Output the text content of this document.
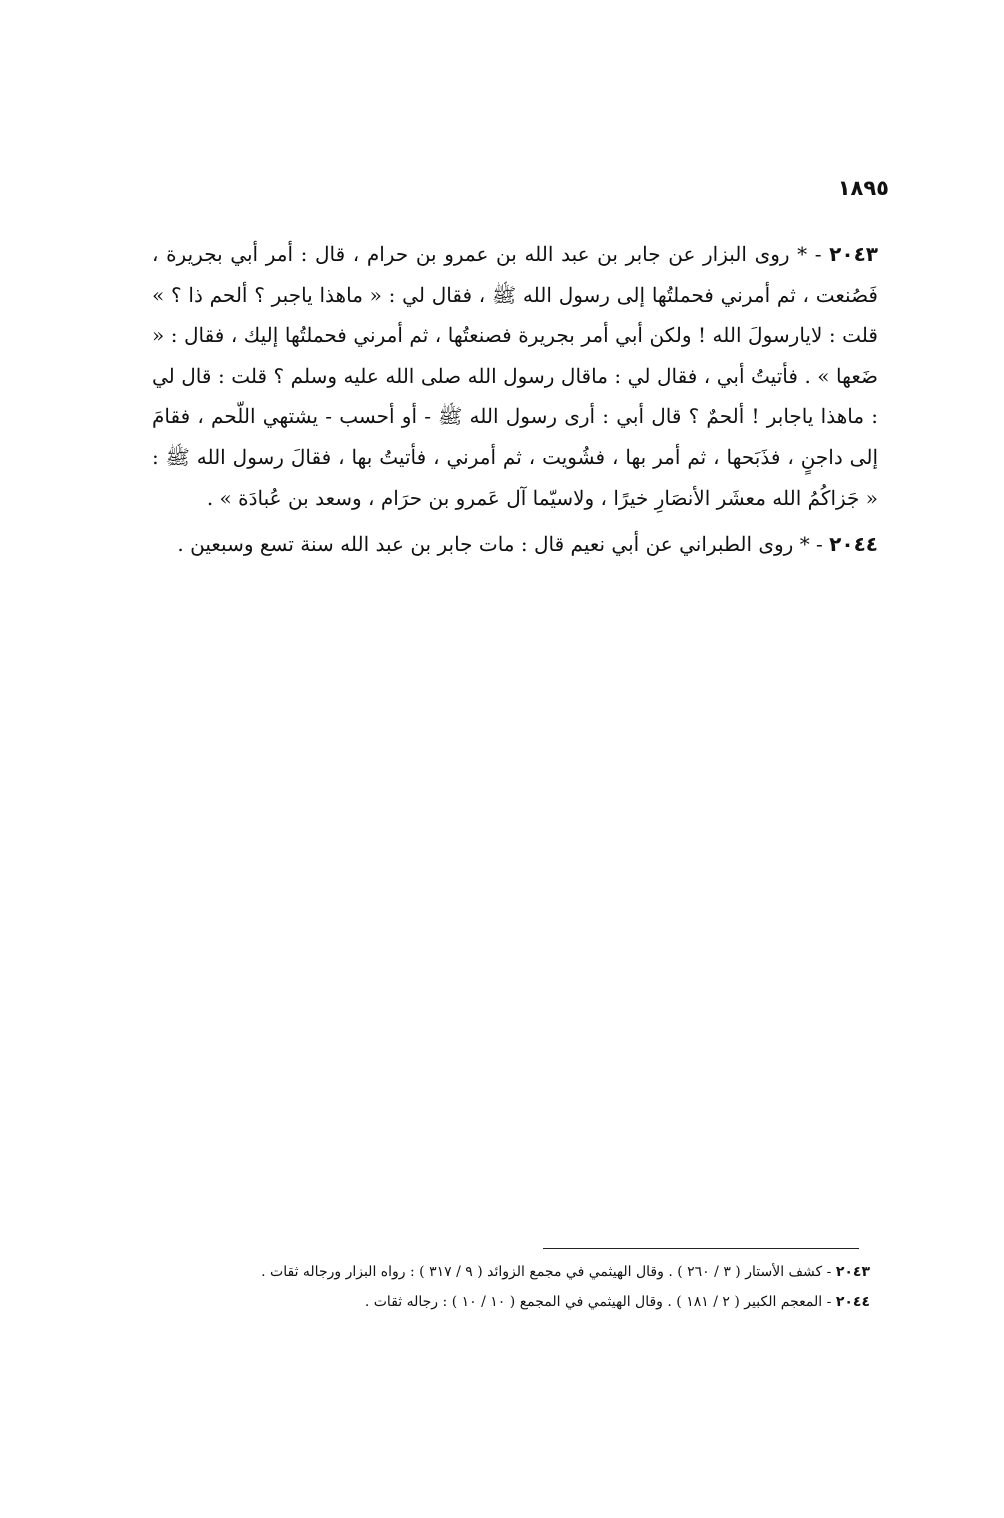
١٨٩٥

٢٠٤٣ - * روى البزار عن جابر بن عبد الله بن عمرو بن حرام ، قال : أمر أبي بجريرة ، فَصُنعت ، ثم أمرني فحملتُها إلى رسول الله ﷺ ، فقال لي : « ماهذا ياجبر ؟ ألحم ذا ؟ » قلت : لايارسولَ الله ! ولكن أبي أمر بجريرة فصنعتُها ، ثم أمرني فحملتُها إليك ، فقال : « ضَعها » . فأتيتُ أبي ، فقال لي : ماقال رسول الله صلى الله عليه وسلم ؟ قلت : قال لي : ماهذا ياجابر ! ألحمٌ ؟ قال أبي : أرى رسول الله ﷺ - أو أحسب - يشتهي اللّحم ، فقامَ إلى داجنٍ ، فذَبَحها ، ثم أمر بها ، فشُويت ، ثم أمرني ، فأتيتُ بها ، فقالَ رسول الله ﷺ : « جَزاكُمُ الله معشَر الأنصَارِ خيرًا ، ولاسيّما آل عَمرو بن حرَام ، وسعد بن عُبادَة » .

٢٠٤٤ - * روى الطبراني عن أبي نعيم قال : مات جابر بن عبد الله سنة تسع وسبعين .

٢٠٤٣ - كشف الأستار ( ٣ / ٢٦٠ ) . وقال الهيثمي في مجمع الزوائد ( ٩ / ٣١٧ ) : رواه البزار ورجاله ثقات .

٢٠٤٤ - المعجم الكبير ( ٢ / ١٨١ ) . وقال الهيثمي في المجمع ( ١٠ / ١٠ ) : رجاله ثقات .
